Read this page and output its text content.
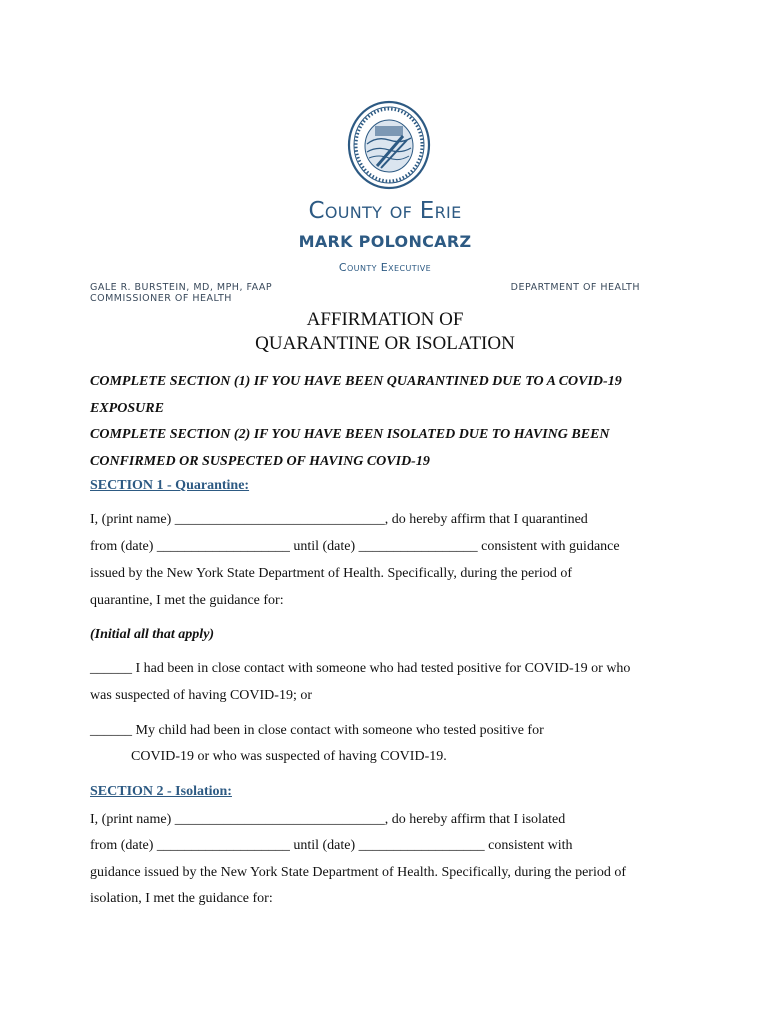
County of Erie
MARK POLONCARZ
County Executive
GALE R. BURSTEIN, MD, MPH, FAAP
COMMISSIONER OF HEALTH
DEPARTMENT OF HEALTH
AFFIRMATION OF
QUARANTINE OR ISOLATION
COMPLETE SECTION (1) IF YOU HAVE BEEN QUARANTINED DUE TO A COVID-19
EXPOSURE
COMPLETE SECTION (2) IF YOU HAVE BEEN ISOLATED DUE TO HAVING BEEN
CONFIRMED OR SUSPECTED OF HAVING COVID-19
SECTION 1 - Quarantine:
I, (print name) ______________________________, do hereby affirm that I quarantined
from (date) ___________________ until (date) _________________ consistent with guidance
issued by the New York State Department of Health. Specifically, during the period of
quarantine, I met the guidance for:
(Initial all that apply)
______ I had been in close contact with someone who had tested positive for COVID-19 or who
was suspected of having COVID-19; or
______ My child had been in close contact with someone who tested positive for
COVID-19 or who was suspected of having COVID-19.
SECTION 2 - Isolation:
I, (print name) ______________________________, do hereby affirm that I isolated
from (date) ___________________ until (date) __________________ consistent with
guidance issued by the New York State Department of Health. Specifically, during the period of
isolation, I met the guidance for:
